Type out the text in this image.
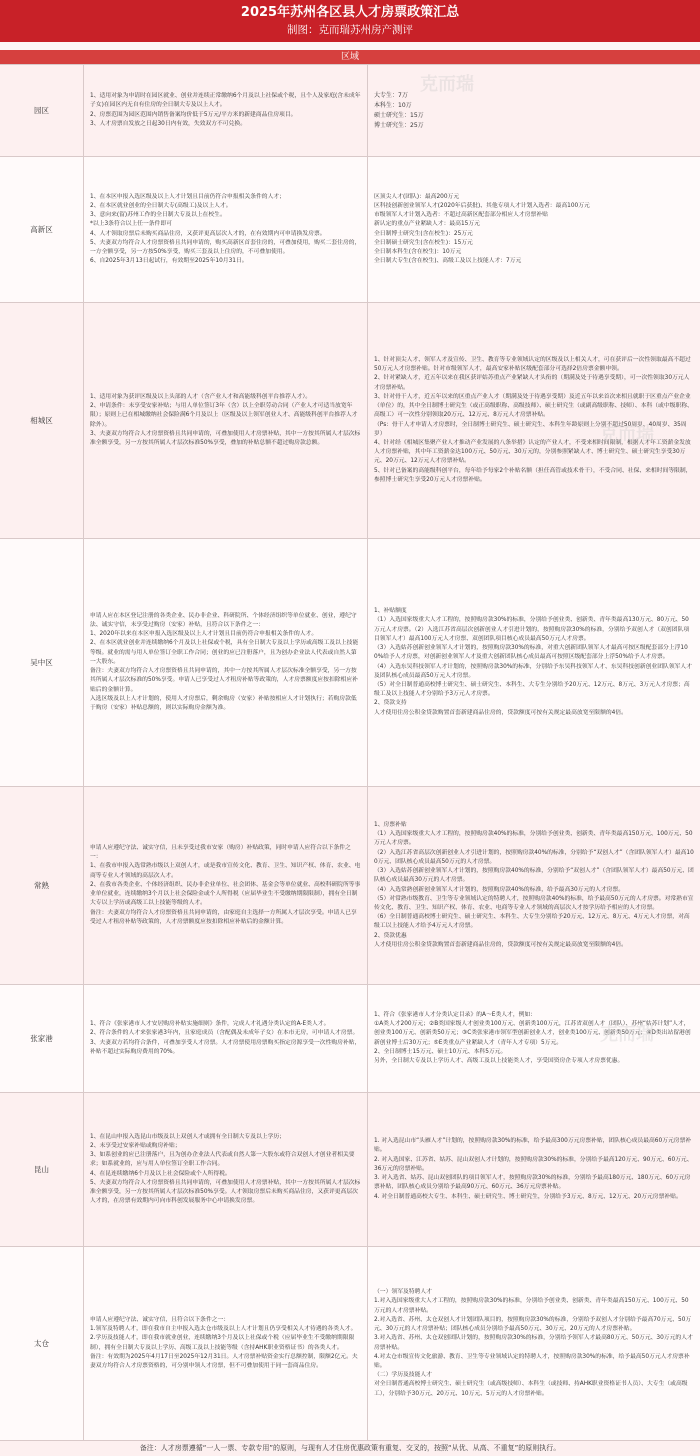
2025年苏州各区县人才房票政策汇总
制图：克而瑞苏州房产测评
区域
园区
1、适用对象为申请时在园区就业、创业并连续正常缴纳6个月及以上社保或个税，且个人及家庭(含未成年子女)在园区内无自有住房的全日制大专及以上人才。
2、房票范围为园区范围内销售备案均价低于5万元/平方米的新建商品住房项目。
3、人才房票自发放之日起30日内有效，失效双方不可兑换。
大专生：7万
本科生：10万
硕士研究生：15万
博士研究生：25万
高新区
1、在本区申报入选区级及以上人才计划且目前仍符合申报相关条件的人才；
2、在本区就业创业的全日制大专(高级工)及以上人才。
3、意向来(留)苏州工作的全日制大专及以上在校生。
*以上3条符合以上任一条件即可
4、人才领取房票后未购买商品住房，又获评更高层次人才的，在有效期内可申请换发房票。
5、夫妻双方均符合人才房票资格且共同申请的，购买高新区首套住房的，可叠加使用，购买二套住房的，一方全额享受，另一方按50%享受，购买三套及以上住房的，不可叠加使用。
6、自2025年3月13日起试行，有效期至2025年10月31日。
区顶尖人才(团队)：最高200万元
区科技创新创业领军人才(2020年后获批)、其他专项人才计划入选者：最高100万元
市级领军人才计划入选者：不超过高新区配套部分相应人才房票补贴
新认定的重点产业紧缺人才：最高15万元
全日制博士研究生(含在校生)：25万元
全日制硕士研究生(含在校生)：15万元
全日制本科生(含在校生)：10万元
全日制大专生(含在校生)、高级工及以上技能人才：7万元
相城区
1、适用对象为获评区级及以上头部的人才（含产业人才和高能级科创平台推荐人才）。
2、申请条件：未享受安家补贴；与用人单位签订3年（含）以上全职劳动合同（产业人才可适当放宽年限）；原则上已在相城缴纳社会保险满6个月及以上（区级及以上领军创业人才、高能级科创平台推荐人才除外）。
3、夫妻双方均符合人才房票资格且共同申请的，可叠加使用人才房票补贴，其中一方按其所属人才层次标准全额享受，另一方按其所属人才层次标准50%享受，叠加的补贴总额不超过购房款总额。
1、针对顶尖人才、领军人才及宣传、卫生、教育等专业领域认定的区级及以上相关人才，可在获评后一次性领取最高不超过50万元人才房票补贴。针对市级领军人才，最高安家补贴区级配套部分可选择2倍房票金额申领。
2、针对紧缺人才，近五年以来在我区获评姑苏重点产业紧缺人才头衔的（期满及处于待遇享受期），可一次性领取30万元人才房票补贴。
3、针对骨干人才，近五年以来的区重点产业人才（期满及处于待遇享受期）及近五年以来首次来相且就职于区重点产业企业（单位）的，其中全日制博士研究生（或正高级职称、高级技师）、硕士研究生（或副高级职称、技师）、本科（或中级职称、高级工）可一次性分别领取20万元、12万元、8万元人才房票补贴。
（Ps：骨干人才申请人才房票时，全日制博士研究生、硕士研究生、本科生年龄原则上分别不超过50周岁、40周岁、35周岁）
4、针对经《相城区集聚产业人才推动产业发展的八条举措》认定的产业人才，不受来相时间限制，根据人才年工资薪金发放人才房票补贴，其中年工资薪金达100万元、50万元、30万元的，分别参照紧缺人才、博士研究生、硕士研究生享受30万元、20万元、12万元人才房票补贴。
5、针对已备案的高能级科创平台，每年给予每家2个补贴名额（担任高管或技术骨干），不受合同、社保、来相时间等限制，参照博士研究生享受20万元人才房票补贴。
吴中区
申请人应在本区登记注册的各类企业、民办非企业、科研院所、个体经济组织等单位就业、创业，遵纪守法、诚实守信，未享受过购房（安家）补贴，且符合以下条件之一：
1、2020年以来在本区申报入选区级及以上人才计划且目前仍符合申报相关条件的人才。
2、在本区就业创业并连续缴纳6个月及以上社保或个税，具有全日制大专及以上学历或高级工及以上技能等级。就业的需与用人单位签订全职工作合同；创业的应已注册落户，且为创办企业法人代表或自然人第一大股东。
备注：夫妻双方均符合人才房票资格且共同申请的，其中一方按其所属人才层次标准全额享受，另一方按其所属人才层次标准的50%享受。申请人已享受过人才租房补贴等政策的，人才房票额度应按扣除相应补贴后的金额计算。
入选区级及以上人才计划的，使用人才房票后，剩余购房（安家）补贴按相应人才计划执行；若购房款低于购房（安家）补贴总额的，则以实际购房金额为准。
1、补贴额度
（1）入选国家级重大人才工程的，按照购房款30%的标准，分别给予创业类、创新类、青年类最高130万元、80万元、50万元人才房票。（2）入选江苏省高层次创新创业人才引进计划的，按照购房款30%的标准，分别给予双创人才（双创团队项目领军人才）最高100万元人才房票、双创团队项目核心成员最高50万元人才房票。
（3）入选姑苏创新创业领军人才计划的，按照购房款30%的标准，对重大创新团队领军人才最高可按区级配套部分上浮100%给予人才房票，对创新创业领军人才及重大创新团队核心成员最高可按照区级配套部分上浮50%给予人才房票。
（4）入选东吴科技领军人才计划的，按照购房款30%的标准，分别给予东吴科技领军人才、东吴科技创新创业团队领军人才及团队核心成员最高50万元人才房票。
（5）对全日制普通高校博士研究生、硕士研究生、本科生、大专生分别给予20万元、12万元、8万元、3万元人才房票；高级工及以上技能人才分别给予3万元人才房票。
2、贷款支持
人才使用住房公积金贷款购置首套新建商品住房的，贷款额度可按有关规定最高放宽至限额的4倍。
常熟
申请人应遵纪守法、诚实守信，且未享受过我市安家（购房）补贴政策，同时申请人应符合以下条件之一：
1、在我市申报入选常熟市级以上双创人才，或是我市宣传文化、教育、卫生、知识产权、体育、农业、电商等专业人才领域的高层次人才。
2、在我市各类企业、个体经济组织、民办非企业单位、社会团体、基金会等单位就业、高校科研院所等事业单位就业，连续缴纳3个月以上社会保险金或个人所得税（应届毕业生不受缴纳期限限制），拥有全日制大专以上学历或高级工以上技能等级的人才。
备注：夫妻双方均符合人才房票资格且共同申请的，由家庭自主选择一方所属人才层次享受。申请人已享受过人才租房补贴等政策的，人才房票额度应按扣除相应补贴后的金额计算。
1、房票补贴
（1）入选国家级重大人才工程的，按照购房款40%的标准，分别给予创业类、创新类、青年类最高150万元、100万元、50万元人才房票。
（2）入选江苏省高层次创新创业人才引进计划的，按照购房款40%的标准，分别给予“双创人才”（含团队领军人才）最高100万元、团队核心成员最高50万元的人才房票。
（3）入选姑苏创新创业领军人才计划的，按照购房款40%的标准，分别给予“双创人才”（含团队领军人才）最高50万元、团队核心成员最高30万元的人才房票。
（4）入选常熟创新创业领军人才计划的，按照购房款40%的标准，给予最高30万元的人才房票。
（5）对常熟市级教育、卫生等专业领域认定的特聘人才，按照购房款40%的标准，给予最高50万元的人才房票。对常熟市宣传文化、教育、卫生、知识产权、体育、农业、电商等专业人才领域的高层次人才按学历给予相应的人才房票。
（6）全日制普通高校博士研究生、硕士研究生、本科生、大专生分别给予20万元、12万元、8万元、4万元人才房票，对高级工以上技能人才给予4万元人才房票。
2、贷款优惠
人才使用住房公积金贷款购置首套新建商品住房的，贷款额度可按有关规定最高放宽至限额的4倍。
张家港
1、符合《张家港市人才安居购房补贴实施细则》条件，完成人才礼遇分类认定的A-E类人才。
2、符合条件的人才来张家港3年内，且家庭成员（含配偶及未成年子女）在本市无房，可申请人才房票。
3、夫妻双方若均符合条件，可叠加享受人才房票。人才房票使用房票购买指定房源享受一次性购房补贴，补贴不超过实际购房费用的70%。
1、符合《张家港市人才分类认定目录》的A～E类人才，例如：
①A类人才200万元；②B类国家级人才创业类100万元、创新类100万元，江苏省双创人才（团队）、苏州“姑苏计划”人才，创业类100万元、创新类50万元；③C类张家港市领军型创新创业人才，创业类100万元、创新类50万元；④D类出站留港创新创业博士后30万元；⑤E类重点产业紧缺人才（青年人才专项）5万元。
2、全日制博士15万元、硕士10万元、本科5万元。
另外，全日制大专及以上学历人才、高级工及以上技能类人才，享受国资房企专项人才房票优惠。
昆山
1、在昆山申报入选昆山市级及以上双创人才或拥有全日制大专及以上学历；
2、未享受过安家补贴或购房补贴；
3、如系创业的应已注册落户，且为创办企业法人代表或自然人第一大股东或符合双创人才创业者相关要求；如系就业的，应与用人单位签订全职工作合同。
4、在昆连续缴纳6个月及以上社会保险或个人所得税。
5、夫妻双方均符合人才房票资格且共同申请的，可叠加使用人才房票补贴，其中一方按其所属人才层次标准全额享受，另一方按其所属人才层次标准50%享受。人才领取房票后未购买商品住房，又获评更高层次人才的，在房票有效期内可向市科创发展服务中心申请换发房票。
1. 对入选昆山市“头雁人才”计划的，按照购房款30%的标准，给予最高300万元房票补贴，团队核心成员最高60万元房票补贴。
2. 对入选国家、江苏省、姑苏、昆山双创人才计划的，按照购房款30%的标准，分别给予最高120万元、90万元、60万元、36万元的房票补贴。
3. 对入选省、姑苏、昆山双创团队的项目领军人才，按照购房款30%的标准，分别给予最高180万元、180万元、60万元房票补贴，团队核心成员分别给予最高90万元、60万元、36万元房票补贴。
4. 对全日制普通高校大专生、本科生、硕士研究生、博士研究生，分别给予3万元、8万元、12万元、20万元房票补贴。
太仓
申请人应遵纪守法、诚实守信，且符合以下条件之一：
1.领军及特聘人才，即在我市自主申报入选太仓市级及以上人才计划且仍享受相关人才待遇的各类人才。
2.学历及技能人才，即在我市就业创业，连续缴纳3个月及以上社保或个税（应届毕业生不受缴纳期限限制），拥有全日制大专及以上学历、高级工及以上技能等级（含持AHK职业资格证书）的各类人才。
备注：有效期为2025年4月17日至2025年12月31日。人才房票补贴资金实行总额控制，限额2亿元。夫妻双方均符合人才房票资格的，可分别申领人才房票，但不可叠加使用于同一套商品住房。
（一）领军及特聘人才
1.对入选国家级重大人才工程的，按照购房款30%的标准，分别给予创业类、创新类、青年类最高150万元、100万元、50万元的人才房票补贴。
2.对入选省、苏州、太仓双创人才计划团队项目的，按照购房款30%的标准，分别给予双创人才分别给予最高70万元、50万元、30万元的人才房票补贴；团队核心成员分别给予最高50万元、30万元、20万元的人才房票补贴。
3.对入选省、苏州、太仓双创团队计划的，按照购房款30%的标准，分别给予领军人才最高80万元、50万元、30万元的人才房票补贴。
4.对太仓市级宣传文化旅游、教育、卫生等专业领域认定的特聘人才，按照购房款30%的标准，给予最高50万元人才房票补贴。
（二）学历及技能人才
对全日制普通高校博士研究生、硕士研究生（或高级技师）、本科生（或技师、持AHK职业资格证书人员）、大专生（或高级工），分别给予30万元、20万元、10万元、5万元的人才房票补贴。
备注：人才房票遵循“一人一票、专款专用”的原则，与现有人才住房优惠政策有重复、交叉的，按照“从优、从高、不重复”的原则执行。
克而瑞
克而瑞
克而瑞
